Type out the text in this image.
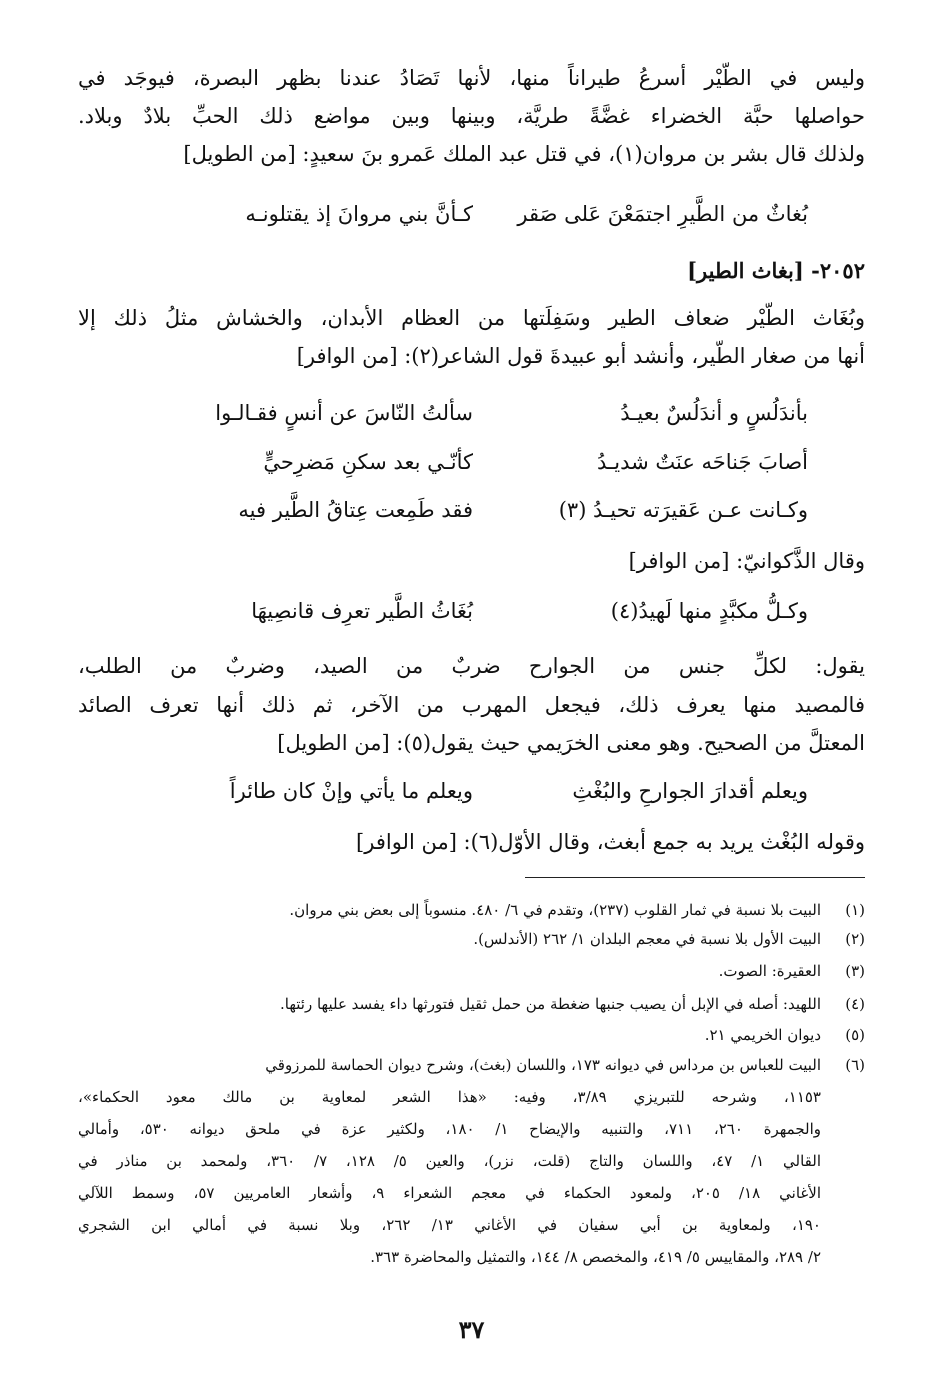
وليس في الطَّيْر أسرعُ طيراناً منها، لأنها تَصَادُ عندنا بظهر البصرة، فيوجَد في
حواصلها حبَّة الخضراء غضَّةً طريَّة، وبينها وبين مواضع ذلك الحبِّ بلادٌ وبلاد.
ولذلك قال بشر بن مروان(١)، في قتل عبد الملك عَمرو بنَ سعيدٍ: [من الطويل]
كـأنَّ بني مروانَ إذ يقتلونـه	بُغاثٌ من الطَّيرِ اجتمَعْنَ عَلى صَقر
٢٠٥٢- [بغاث الطير]
وبُغَاث الطَّيْر ضعاف الطير وسَفِلَتها من العظام الأبدان، والخشاش مثلُ ذلك إلا
أنها من صغار الطَّير، وأنشد أبو عبيدةَ قول الشاعر(٢): [من الوافر]
سألتُ النّاسَ عن أنسٍ فقـالـوا	بأندَلُسٍ و أندَلُسٌ بعيـدُ
كأنّـي بعد سكنِ مَضرِحيٍّ	أصابَ جَناحَه عنَتٌ شديـدُ
فقد طَمِعت عِتاقُ الطَّير فيه	وكـانت عـن عَقيرَته تحيـدُ (٣)
وقال الذَّكوانيّ: [من الوافر]
بُغَاثُ الطَّير تعرِف قانصِيهَا	وكـلُّ مكبَّدٍ منها لَهيدُ(٤)
يقول: لكلِّ جنس من الجوارح ضربٌ من الصيد، وضربٌ من الطلب،
فالمصيد منها يعرف ذلك، فيجعل المهرب من الآخر، ثم ذلك أنها تعرف الصائد
المعتلَّ من الصحيح. وهو معنى الخرَيمي حيث يقول(٥): [من الطويل]
ويعلم ما يأتي وإنْ كان طائراً	ويعلم أقدارَ الجوارحِ والبُغْثِ
وقوله البُغْث يريد به جمع أبغث، وقال الأوّل(٦): [من الوافر]
(١)البيت بلا نسبة في ثمار القلوب (٢٣٧)، وتقدم في ٦/ ٤٨٠. منسوباً إلى بعض بني مروان.
(٢)البيت الأول بلا نسبة في معجم البلدان ١/ ٢٦٢ (الأندلس).
(٣)العقيرة: الصوت.
(٤)اللهيد: أصله في الإبل أن يصيب جنبها ضغطة من حمل ثقيل فتورثها داء يفسد عليها رئتها.
(٥)ديوان الخريمي ٢١.
(٦)البيت للعباس بن مرداس في ديوانه ١٧٣، واللسان (بغث)، وشرح ديوان الحماسة للمرزوقي
١١٥٣، وشرحه للتبريزي ٣/٨٩، وفيه: «هذا الشعر لمعاوية بن مالك معود الحكماء»،
والجمهرة ٢٦٠، ٧١١، والتنبيه والإيضاح ١/ ١٨٠، ولكثير عزة في ملحق ديوانه ٥٣٠، وأمالي
القالي ١/ ٤٧، واللسان والتاج (قلت، نزر)، والعين ٥/ ١٢٨، ٧/ ٣٦٠، ولمحمد بن مناذر في
الأغاني ١٨/ ٢٠٥، ولمعود الحكماء في معجم الشعراء ٩، وأشعار العامريين ٥٧، وسمط اللآلي
١٩٠، ولمعاوية بن أبي سفيان في الأغاني ١٣/ ٢٦٢، وبلا نسبة في أمالي ابن الشجري
٢/ ٢٨٩، والمقاييس ٥/ ٤١٩، والمخصص ٨/ ١٤٤، والتمثيل والمحاضرة ٣٦٣.
٣٧
